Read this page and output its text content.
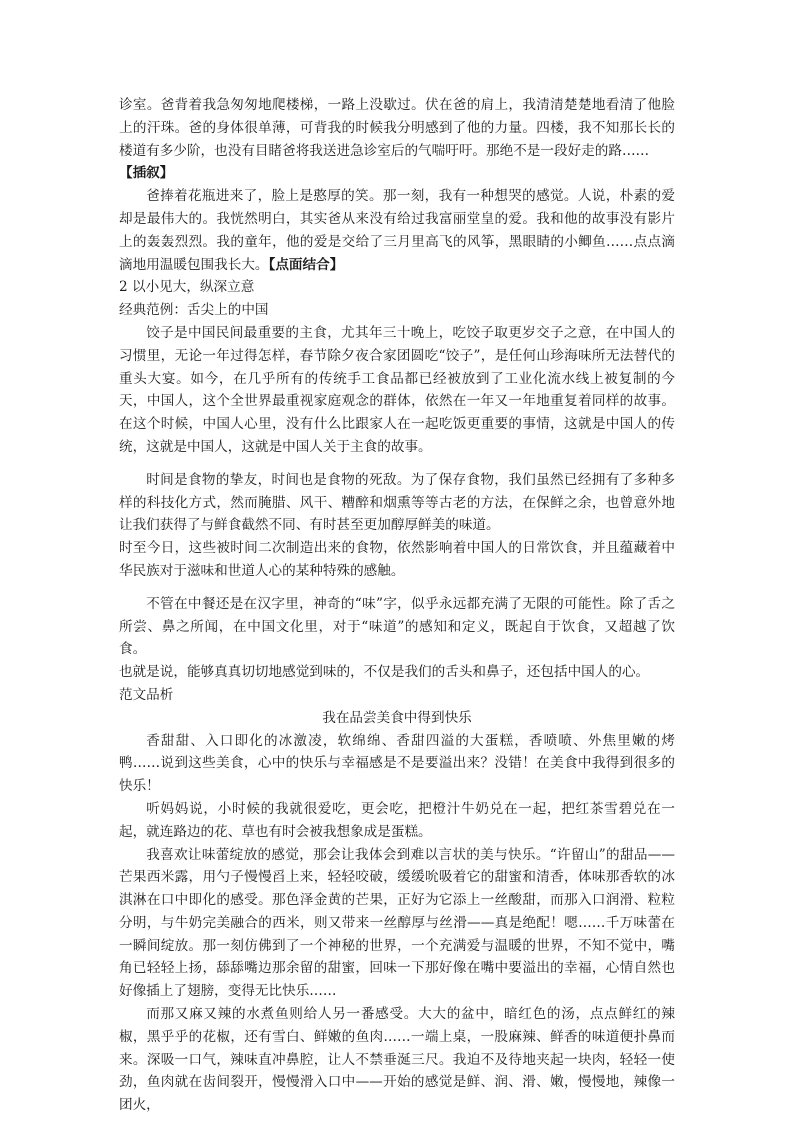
诊室。爸背着我急匆匆地爬楼梯，一路上没歇过。伏在爸的肩上，我清清楚楚地看清了他脸上的汗珠。爸的身体很单薄，可背我的时候我分明感到了他的力量。四楼，我不知那长长的楼道有多少阶，也没有目睹爸将我送进急诊室后的气喘吁吁。那绝不是一段好走的路……

【插叙】

爸捧着花瓶进来了，脸上是憨厚的笑。那一刻，我有一种想哭的感觉。人说，朴素的爱却是最伟大的。我恍然明白，其实爸从来没有给过我富丽堂皇的爱。我和他的故事没有影片上的轰轰烈烈。我的童年，他的爱是交给了三月里高飞的风筝，黑眼睛的小鲫鱼……点点滴滴地用温暖包围我长大。【点面结合】

2 以小见大，纵深立意

经典范例：舌尖上的中国

饺子是中国民间最重要的主食，尤其年三十晚上，吃饺子取更岁交子之意，在中国人的习惯里，无论一年过得怎样，春节除夕夜合家团圆吃“饺子”，是任何山珍海味所无法替代的重头大宴。如今，在几乎所有的传统手工食品都已经被放到了工业化流水线上被复制的今天，中国人，这个全世界最重视家庭观念的群体，依然在一年又一年地重复着同样的故事。在这个时候，中国人心里，没有什么比跟家人在一起吃饭更重要的事情，这就是中国人的传统，这就是中国人，这就是中国人关于主食的故事。

时间是食物的挚友，时间也是食物的死敌。为了保存食物，我们虽然已经拥有了多种多样的科技化方式，然而腌腊、风干、糟醉和烟熏等等古老的方法，在保鲜之余，也曾意外地让我们获得了与鲜食截然不同、有时甚至更加醇厚鲜美的味道。

时至今日，这些被时间二次制造出来的食物，依然影响着中国人的日常饮食，并且蕴藏着中华民族对于滋味和世道人心的某种特殊的感触。

不管在中餐还是在汉字里，神奇的“味”字，似乎永远都充满了无限的可能性。除了舌之所尝、鼻之所闻，在中国文化里，对于“味道”的感知和定义，既起自于饮食，又超越了饮食。

也就是说，能够真真切切地感觉到味的，不仅是我们的舌头和鼻子，还包括中国人的心。

范文品析

我在品尝美食中得到快乐

香甜甜、入口即化的冰激凌，软绵绵、香甜四溢的大蛋糕，香喷喷、外焦里嫩的烤鸭……说到这些美食，心中的快乐与幸福感是不是要溢出来？没错！在美食中我得到很多的快乐！

听妈妈说，小时候的我就很爱吃，更会吃，把橙汁牛奶兑在一起，把红茶雪碧兑在一起，就连路边的花、草也有时会被我想象成是蛋糕。

我喜欢让味蕾绽放的感觉，那会让我体会到难以言状的美与快乐。“许留山”的甜品——芒果西米露，用勺子慢慢舀上来，轻轻咬破，缓缓吮吸着它的甜蜜和清香，体味那香软的冰淇淋在口中即化的感受。那色泽金黄的芒果，正好为它添上一丝酸甜，而那入口润滑、粒粒分明，与牛奶完美融合的西米，则又带来一丝醇厚与丝滑——真是绝配！嗯……千万味蕾在一瞬间绽放。那一刻仿佛到了一个神秘的世界，一个充满爱与温暖的世界，不知不觉中，嘴角已轻轻上扬，舔舔嘴边那余留的甜蜜，回味一下那好像在嘴中要溢出的幸福，心情自然也好像插上了翅膀，变得无比快乐……

而那又麻又辣的水煮鱼则给人另一番感受。大大的盆中，暗红色的汤，点点鲜红的辣椒，黑乎乎的花椒，还有雪白、鲜嫩的鱼肉……一端上桌，一股麻辣、鲜香的味道便扑鼻而来。深吸一口气，辣味直冲鼻腔，让人不禁垂涎三尺。我迫不及待地夹起一块肉，轻轻一使劲，鱼肉就在齿间裂开，慢慢滑入口中——开始的感觉是鲜、润、滑、嫩，慢慢地，辣像一团火，
